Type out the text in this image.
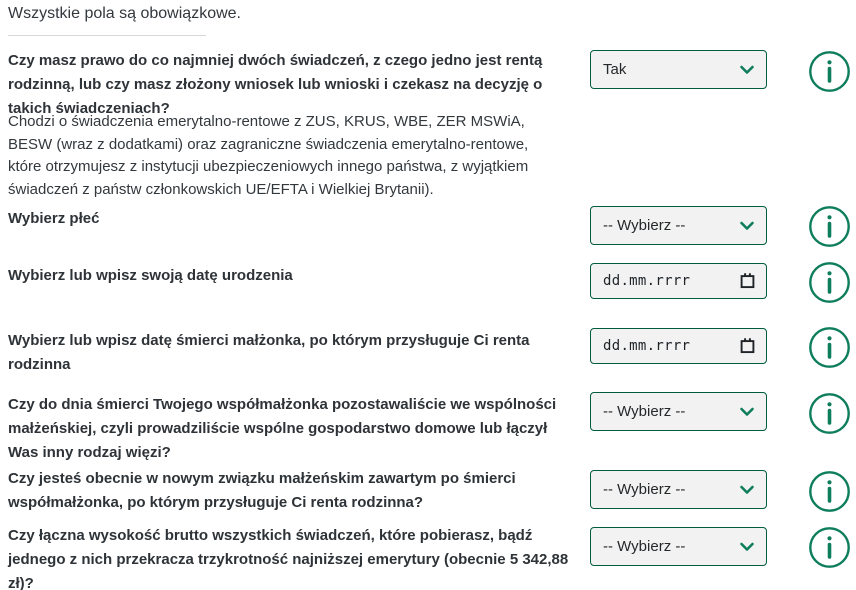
Wszystkie pola są obowiązkowe.

Czy masz prawo do co najmniej dwóch świadczeń, z czego jedno jest rentą rodzinną, lub czy masz złożony wniosek lub wnioski i czekasz na decyzję o takich świadczeniach?
Tak
Chodzi o świadczenia emerytalno-rentowe z ZUS, KRUS, WBE, ZER MSWiA, BESW (wraz z dodatkami) oraz zagraniczne świadczenia emerytalno-rentowe, które otrzymujesz z instytucji ubezpieczeniowych innego państwa, z wyjątkiem świadczeń z państw członkowskich UE/EFTA i Wielkiej Brytanii).
Wybierz płeć
-- Wybierz --
Wybierz lub wpisz swoją datę urodzenia
dd.mm.rrrr
Wybierz lub wpisz datę śmierci małżonka, po którym przysługuje Ci renta rodzinna
dd.mm.rrrr
Czy do dnia śmierci Twojego współmałżonka pozostawaliście we wspólności małżeńskiej, czyli prowadziliście wspólne gospodarstwo domowe lub łączył Was inny rodzaj więzi?
-- Wybierz --
Czy jesteś obecnie w nowym związku małżeńskim zawartym po śmierci współmałżonka, po którym przysługuje Ci renta rodzinna?
-- Wybierz --
Czy łączna wysokość brutto wszystkich świadczeń, które pobierasz, bądź jednego z nich przekracza trzykrotność najniższej emerytury (obecnie 5 342,88 zł)?
-- Wybierz --
